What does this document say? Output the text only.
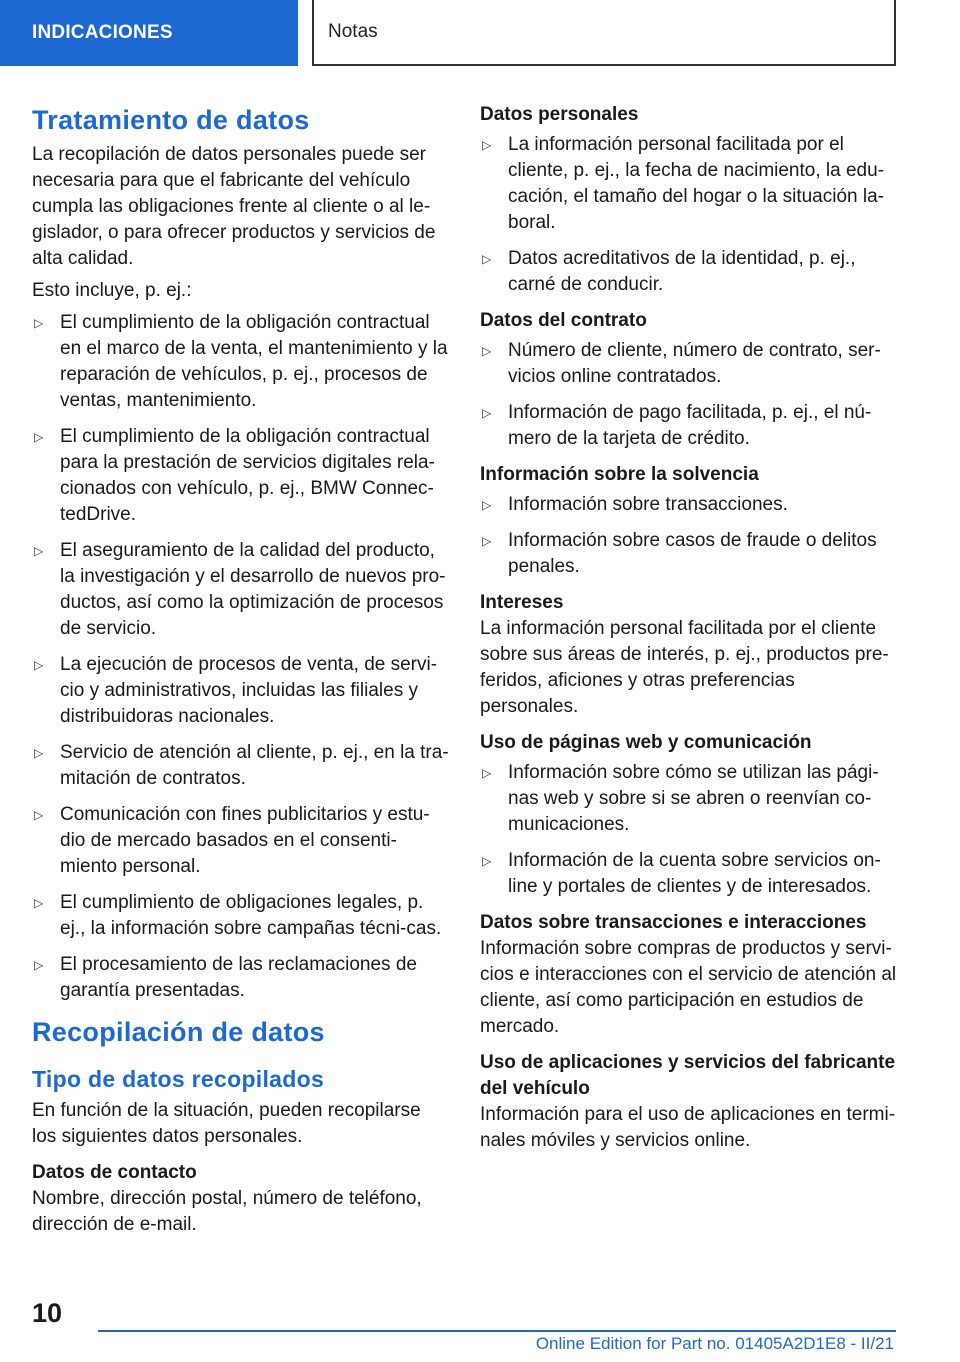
INDICACIONES	Notas
Tratamiento de datos

La recopilación de datos personales puede ser necesaria para que el fabricante del vehículo cumpla las obligaciones frente al cliente o al le-gislador, o para ofrecer productos y servicios de alta calidad.

Esto incluye, p. ej.:

▷ El cumplimiento de la obligación contractual en el marco de la venta, el mantenimiento y la reparación de vehículos, p. ej., procesos de ventas, mantenimiento.
▷ El cumplimiento de la obligación contractual para la prestación de servicios digitales rela-cionados con vehículo, p. ej., BMW Connec-tedDrive.
▷ El aseguramiento de la calidad del producto, la investigación y el desarrollo de nuevos pro-ductos, así como la optimización de procesos de servicio.
▷ La ejecución de procesos de venta, de servi-cio y administrativos, incluidas las filiales y distribuidoras nacionales.
▷ Servicio de atención al cliente, p. ej., en la tra-mitación de contratos.
▷ Comunicación con fines publicitarios y estu-dio de mercado basados en el consenti-miento personal.
▷ El cumplimiento de obligaciones legales, p. ej., la información sobre campañas técni-cas.
▷ El procesamiento de las reclamaciones de garantía presentadas.
Recopilación de datos
Tipo de datos recopilados

En función de la situación, pueden recopilarse los siguientes datos personales.

Datos de contacto

Nombre, dirección postal, número de teléfono, dirección de e-mail.

Datos personales
▷ La información personal facilitada por el cliente, p. ej., la fecha de nacimiento, la edu-cación, el tamaño del hogar o la situación la-boral.
▷ Datos acreditativos de la identidad, p. ej., carné de conducir.
Datos del contrato
▷ Número de cliente, número de contrato, ser-vicios online contratados.
▷ Información de pago facilitada, p. ej., el nú-mero de la tarjeta de crédito.
Información sobre la solvencia
▷ Información sobre transacciones.
▷ Información sobre casos de fraude o delitos penales.
Intereses

La información personal facilitada por el cliente sobre sus áreas de interés, p. ej., productos pre-feridos, aficiones y otras preferencias personales.

Uso de páginas web y comunicación
▷ Información sobre cómo se utilizan las pági-nas web y sobre si se abren o reenvían co-municaciones.
▷ Información de la cuenta sobre servicios on-line y portales de clientes y de interesados.
Datos sobre transacciones e interacciones

Información sobre compras de productos y servi-cios e interacciones con el servicio de atención al cliente, así como participación en estudios de mercado.

Uso de aplicaciones y servicios del fabricante del vehículo

Información para el uso de aplicaciones en termi-nales móviles y servicios online.

10
Online Edition for Part no. 01405A2D1E8 - II/21
